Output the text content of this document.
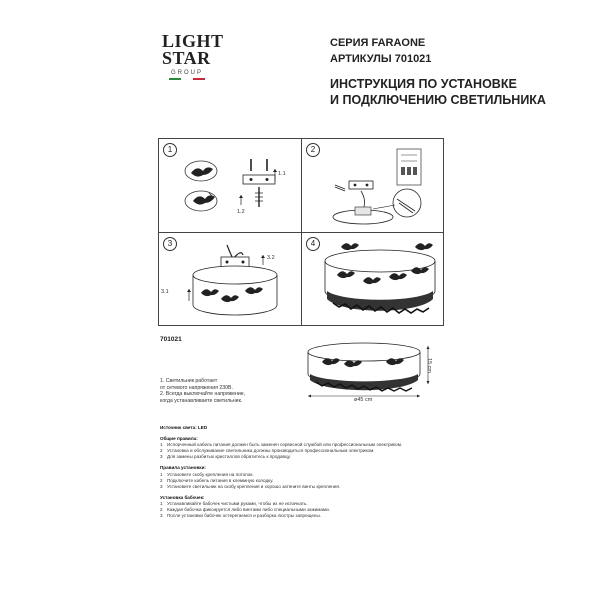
LIGHT
STAR
GROUP
СЕРИЯ FARAONE
АРТИКУЛЫ 701021
ИНСТРУКЦИЯ ПО УСТАНОВКЕ
И ПОДКЛЮЧЕНИЮ СВЕТИЛЬНИКА
1
1.1
1.2
2
3
3.2
3.1
4
701021
15 cm
ø45 cm
1. Светильник работает
от сетевого напряжения 230В.
2. Всегда выключайте напряжение,
когда устанавливаете светильник.
Источник света: LED
Общие правила:
1 Испорченный кабель питания должен быть заменен сервисной службой или профессиональным электриком.
2 Установка и обслуживание светильника должны производиться профессиональным электриком.
3 Для замены разбитых кристаллов обратитесь к продавцу.
Правила установки:
1 Установите скобу крепления на потолок.
2 Подключите кабель питания в клеммную колодку.
3 Установите светильник на скобу крепления и хорошо затяните винты крепления.
Установка бабочек:
1 Устанавливайте бабочек чистыми руками, чтобы их не испачкать.
2 Каждая бабочка фиксируется либо винтами либо специальными зажимами.
3 После установки бабочек остерегаемся и разборка люстры запрещены.
